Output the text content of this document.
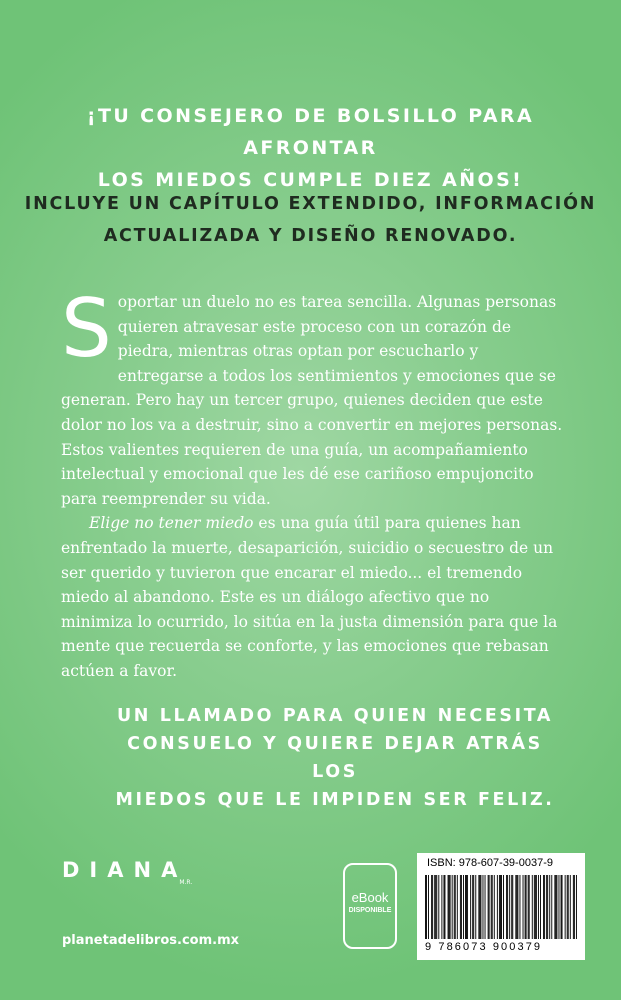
¡TU CONSEJERO DE BOLSILLO PARA AFRONTAR
LOS MIEDOS CUMPLE DIEZ AÑOS!
INCLUYE UN CAPÍTULO EXTENDIDO, INFORMACIÓN
ACTUALIZADA Y DISEÑO RENOVADO.

Soportar un duelo no es tarea sencilla. Algunas personas quieren atravesar este proceso con un corazón de piedra, mientras otras optan por escucharlo y entregarse a todos los sentimientos y emociones que se generan. Pero hay un tercer grupo, quienes deciden que este dolor no los va a destruir, sino a convertir en mejores personas. Estos valientes requieren de una guía, un acompañamiento intelectual y emocional que les dé ese cariñoso empujoncito para reemprender su vida.

Elige no tener miedo es una guía útil para quienes han enfrentado la muerte, desaparición, suicidio o secuestro de un ser querido y tuvieron que encarar el miedo... el tremendo miedo al abandono. Este es un diálogo afectivo que no minimiza lo ocurrido, lo sitúa en la justa dimensión para que la mente que recuerda se conforte, y las emociones que rebasan actúen a favor.

UN LLAMADO PARA QUIEN NECESITA
CONSUELO Y QUIERE DEJAR ATRÁS LOS
MIEDOS QUE LE IMPIDEN SER FELIZ.
$DIANA_{M.R.}$
planetadelibros.com.mx
eBook
DISPONIBLE
ISBN: 978-607-39-0037-9
9 786073 900379
